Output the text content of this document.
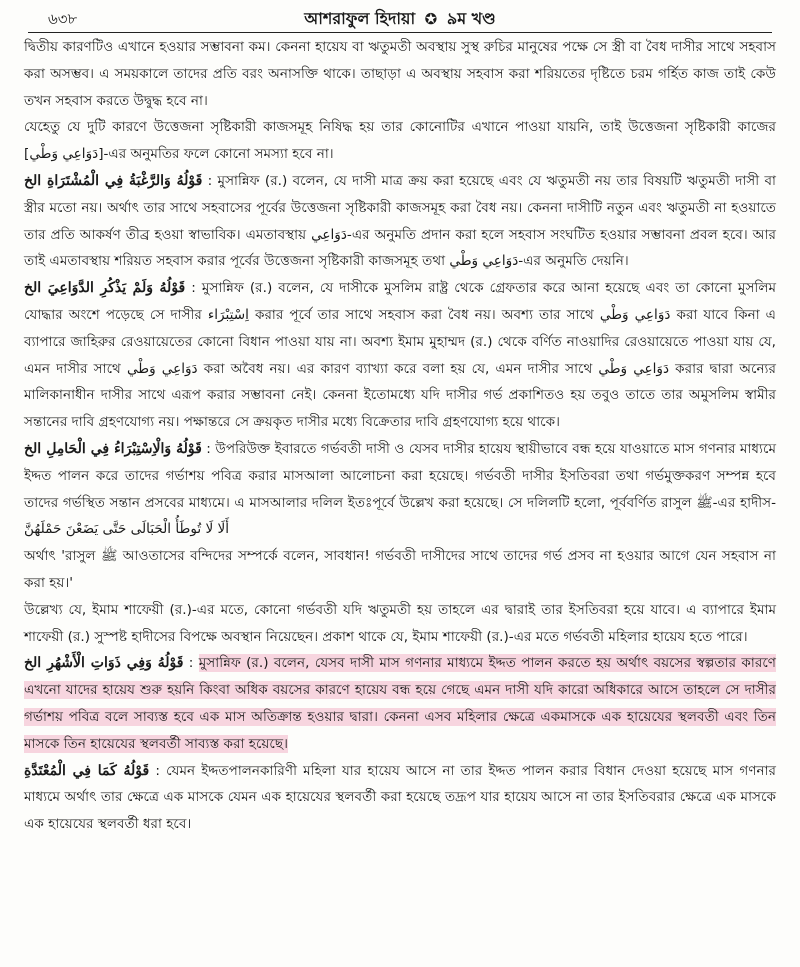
৬৩৮	আশরাফুল হিদায়া ✪ ৯ম খণ্ড

দ্বিতীয় কারণটিও এখানে হওয়ার সম্ভাবনা কম। কেননা হায়েয বা ঋতুমতী অবস্থায় সুস্থ রুচির মানুষের পক্ষে সে স্ত্রী বা বৈধ দাসীর সাথে সহবাস করা অসম্ভব। এ সময়কালে তাদের প্রতি বরং অনাসক্তি থাকে। তাছাড়া এ অবস্থায় সহবাস করা শরিয়তের দৃষ্টিতে চরম গর্হিত কাজ তাই কেউ তখন সহবাস করতে উদ্বুদ্ধ হবে না।

যেহেতু যে দুটি কারণে উত্তেজনা সৃষ্টিকারী কাজসমূহ নিষিদ্ধ হয় তার কোনোটির এখানে পাওয়া যায়নি, তাই উত্তেজনা সৃষ্টিকারী কাজের [دَوَاعِي وَطْي]-এর অনুমতির ফলে কোনো সমস্যা হবে না।

قَوْلُهُ وَالرَّغْبَةُ فِي الْمُشْتَرَاةِ الخ : মুসান্নিফ (র.) বলেন, যে দাসী মাত্র ক্রয় করা হয়েছে এবং যে ঋতুমতী নয় তার বিষয়টি ঋতুমতী দাসী বা স্ত্রীর মতো নয়। অর্থাৎ তার সাথে সহবাসের পূর্বের উত্তেজনা সৃষ্টিকারী কাজসমূহ করা বৈধ নয়। কেননা দাসীটি নতুন এবং ঋতুমতী না হওয়াতে তার প্রতি আকর্ষণ তীব্র হওয়া স্বাভাবিক। এমতাবস্থায় دَوَاعِي-এর অনুমতি প্রদান করা হলে সহবাস সংঘটিত হওয়ার সম্ভাবনা প্রবল হবে। আর তাই এমতাবস্থায় শরিয়ত সহবাস করার পূর্বের উত্তেজনা সৃষ্টিকারী কাজসমূহ তথা دَوَاعِي وَطْي-এর অনুমতি দেয়নি।

قَوْلُهُ وَلَمْ يَذْكُرِ الدَّوَاعِيَ الخ : মুসান্নিফ (র.) বলেন, যে দাসীকে মুসলিম রাষ্ট্র থেকে গ্রেফতার করে আনা হয়েছে এবং তা কোনো মুসলিম যোদ্ধার অংশে পড়েছে সে দাসীর اِسْتِبْرَاء করার পূর্বে তার সাথে সহবাস করা বৈধ নয়। অবশ্য তার সাথে دَوَاعِي وَطْي করা যাবে কিনা এ ব্যাপারে জাহিরুর রেওয়ায়েতের কোনো বিধান পাওয়া যায় না। অবশ্য ইমাম মুহাম্মদ (র.) থেকে বর্ণিত নাওয়াদির রেওয়ায়েতে পাওয়া যায় যে, এমন দাসীর সাথে دَوَاعِي وَطْي করা অবৈধ নয়। এর কারণ ব্যাখ্যা করে বলা হয় যে, এমন দাসীর সাথে دَوَاعِي وَطْي করার দ্বারা অন্যের মালিকানাধীন দাসীর সাথে এরূপ করার সম্ভাবনা নেই। কেননা ইতোমধ্যে যদি দাসীর গর্ভ প্রকাশিতও হয় তবুও তাতে তার অমুসলিম স্বামীর সন্তানের দাবি গ্রহণযোগ্য নয়। পক্ষান্তরে সে ক্রয়কৃত দাসীর মধ্যে বিক্রেতার দাবি গ্রহণযোগ্য হয়ে থাকে।

قَوْلُهُ وَالْاِسْتِبْرَاءُ فِي الْحَامِلِ الخ : উপরিউক্ত ইবারতে গর্ভবতী দাসী ও যেসব দাসীর হায়েয স্থায়ীভাবে বন্ধ হয়ে যাওয়াতে মাস গণনার মাধ্যমে ইদ্দত পালন করে তাদের গর্ভাশয় পবিত্র করার মাসআলা আলোচনা করা হয়েছে। গর্ভবতী দাসীর ইসতিবরা তথা গর্ভমুক্তকরণ সম্পন্ন হবে তাদের গর্ভস্থিত সন্তান প্রসবের মাধ্যমে। এ মাসআলার দলিল ইতঃপূর্বে উল্লেখ করা হয়েছে। সে দলিলটি হলো, পূর্ববর্ণিত রাসুল ﷺ-এর হাদীস- أَلَا لَا تُوطَأُ الْحَبَالَى حَتَّى يَضَعْنَ حَمْلَهُنَّ

অর্থাৎ 'রাসুল ﷺ আওতাসের বন্দিদের সম্পর্কে বলেন, সাবধান! গর্ভবতী দাসীদের সাথে তাদের গর্ভ প্রসব না হওয়ার আগে যেন সহবাস না করা হয়।'

উল্লেখ্য যে, ইমাম শাফেয়ী (র.)-এর মতে, কোনো গর্ভবতী যদি ঋতুমতী হয় তাহলে এর দ্বারাই তার ইসতিবরা হয়ে যাবে। এ ব্যাপারে ইমাম শাফেয়ী (র.) সুস্পষ্ট হাদীসের বিপক্ষে অবস্থান নিয়েছেন। প্রকাশ থাকে যে, ইমাম শাফেয়ী (র.)-এর মতে গর্ভবতী মহিলার হায়েয হতে পারে।

قَوْلُهُ وَفِي ذَوَاتِ الْأَشْهُرِ الخ : মুসান্নিফ (র.) বলেন, যেসব দাসী মাস গণনার মাধ্যমে ইদ্দত পালন করতে হয় অর্থাৎ বয়সের স্বল্পতার কারণে এখনো যাদের হায়েয শুরু হয়নি কিংবা অধিক বয়সের কারণে হায়েয বন্ধ হয়ে গেছে এমন দাসী যদি কারো অধিকারে আসে তাহলে সে দাসীর গর্ভাশয় পবিত্র বলে সাব্যস্ত হবে এক মাস অতিক্রান্ত হওয়ার দ্বারা। কেননা এসব মহিলার ক্ষেত্রে একমাসকে এক হায়েযের স্থলবতী এবং তিন মাসকে তিন হায়েযের স্থলবর্তী সাব্যস্ত করা হয়েছে।

قَوْلُهُ كَمَا فِي الْمُعْتَدَّةِ : যেমন ইদ্দতপালনকারিণী মহিলা যার হায়েয আসে না তার ইদ্দত পালন করার বিধান দেওয়া হয়েছে মাস গণনার মাধ্যমে অর্থাৎ তার ক্ষেত্রে এক মাসকে যেমন এক হায়েযের স্থলবর্তী করা হয়েছে তদ্রূপ যার হায়েয আসে না তার ইসতিবরার ক্ষেত্রে এক মাসকে এক হায়েযের স্থলবর্তী ধরা হবে।
